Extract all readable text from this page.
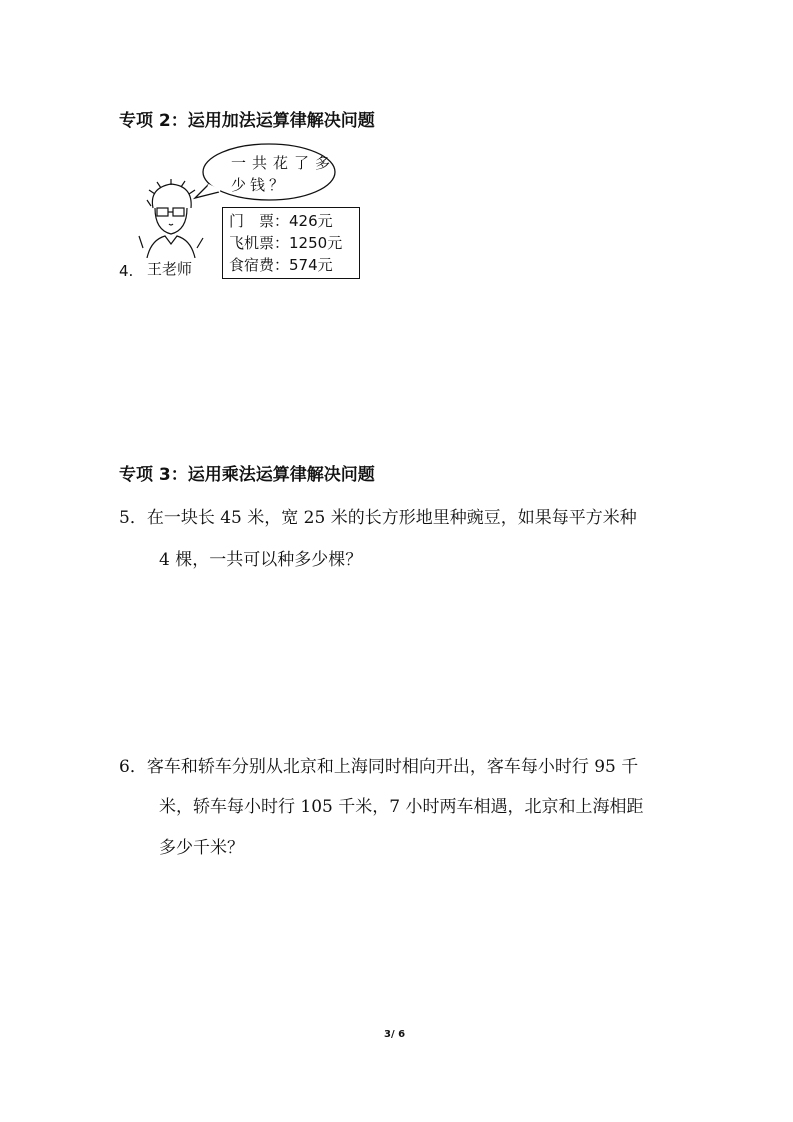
专项 2：运用加法运算律解决问题
一共花了多
少钱？
4. 王老师
门　票：426元
飞机票：1250元
食宿费：574元
专项 3：运用乘法运算律解决问题
5．在一块长 45 米，宽 25 米的长方形地里种豌豆，如果每平方米种
4 棵，一共可以种多少棵？
6．客车和轿车分别从北京和上海同时相向开出，客车每小时行 95 千
米，轿车每小时行 105 千米，7 小时两车相遇，北京和上海相距
多少千米？
3/ 6
